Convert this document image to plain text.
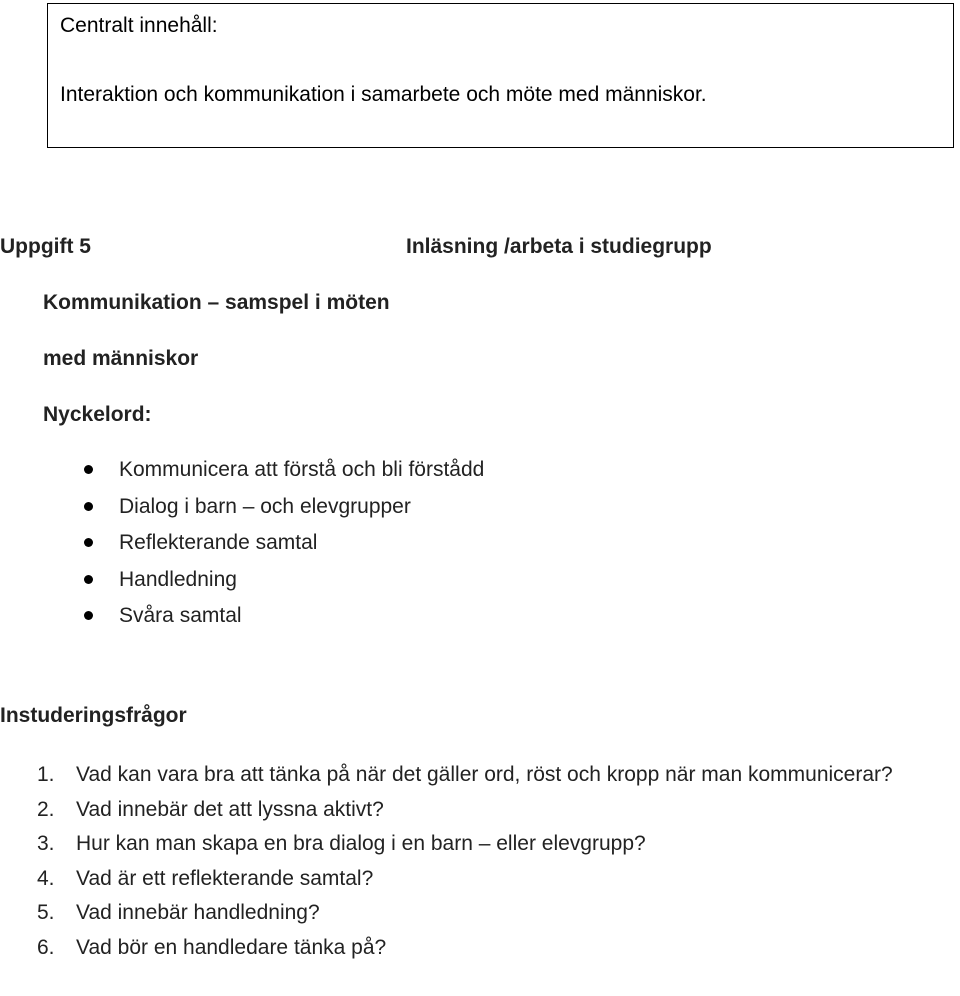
Centralt innehåll:
Interaktion och kommunikation i samarbete och möte med människor.
Uppgift 5	Inläsning /arbeta i studiegrupp
Kommunikation – samspel i möten
med människor
Nyckelord:
Kommunicera att förstå och bli förstådd
Dialog i barn – och elevgrupper
Reflekterande samtal
Handledning
Svåra samtal
Instuderingsfrågor
1. Vad kan vara bra att tänka på när det gäller ord, röst och kropp när man kommunicerar?
2. Vad innebär det att lyssna aktivt?
3. Hur kan man skapa en bra dialog i en barn – eller elevgrupp?
4. Vad är ett reflekterande samtal?
5. Vad innebär handledning?
6. Vad bör en handledare tänka på?
